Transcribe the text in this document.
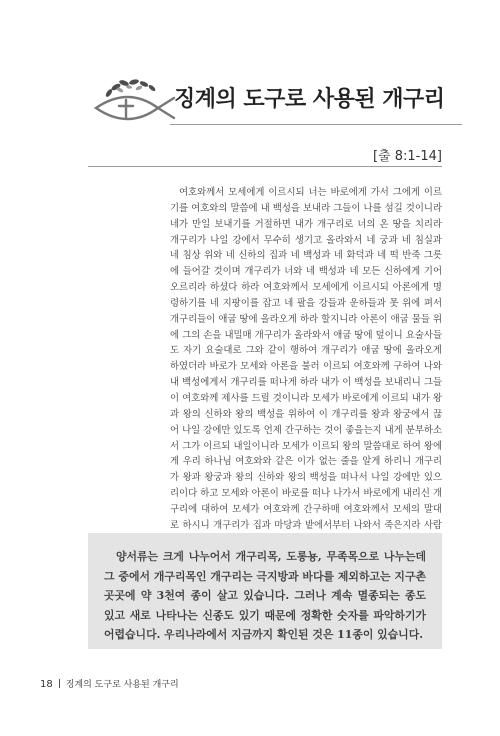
징계의 도구로 사용된 개구리
[출 8:1-14]

여호와께서 모세에게 이르시되 너는 바로에게 가서 그에게 이르기를 여호와의 말씀에 내 백성을 보내라 그들이 나를 섬길 것이니라 네가 만일 보내기를 거절하면 내가 개구리로 너의 온 땅을 치리라 개구리가 나일 강에서 무수히 생기고 올라와서 네 궁과 네 침실과 네 침상 위와 네 신하의 집과 네 백성과 네 화덕과 네 떡 반죽 그릇에 들어갈 것이며 개구리가 너와 네 백성과 네 모든 신하에게 기어오르리라 하셨다 하라 여호와께서 모세에게 이르시되 아론에게 명령하기를 네 지팡이를 잡고 네 팔을 강들과 운하들과 못 위에 펴서 개구리들이 애굽 땅에 올라오게 하라 할지니라 아론이 애굽 물들 위에 그의 손을 내밀매 개구리가 올라와서 애굽 땅에 덮이니 요술사들도 자기 요술대로 그와 같이 행하여 개구리가 애굽 땅에 올라오게 하였더라 바로가 모세와 아론을 불러 이르되 여호와께 구하여 나와 내 백성에게서 개구리를 떠나게 하라 내가 이 백성을 보내리니 그들이 여호와께 제사를 드릴 것이니라 모세가 바로에게 이르되 내가 왕과 왕의 신하와 왕의 백성을 위하여 이 개구리를 왕과 왕궁에서 끊어 나일 강에만 있도록 언제 간구하는 것이 좋을는지 내게 분부하소서 그가 이르되 내일이니라 모세가 이르되 왕의 말씀대로 하여 왕에게 우리 하나님 여호와와 같은 이가 없는 줄을 알게 하리니 개구리가 왕과 왕궁과 왕의 신하와 왕의 백성을 떠나서 나일 강에만 있으리이다 하고 모세와 아론이 바로를 떠나 나가서 바로에게 내리신 개구리에 대하여 모세가 여호와께 간구하매 여호와께서 모세의 말대로 하시니 개구리가 집과 마당과 밭에서부터 나와서 죽은지라 사람

양서류는 크게 나누어서 개구리목, 도롱뇽, 무족목으로 나누는데 그 중에서 개구리목인 개구리는 극지방과 바다를 제외하고는 지구촌 곳곳에 약 3천여 종이 살고 있습니다. 그러나 계속 멸종되는 종도 있고 새로 나타나는 신종도 있기 때문에 정확한 숫자를 파악하기가 어렵습니다. 우리나라에서 지금까지 확인된 것은 11종이 있습니다.

18 징계의 도구로 사용된 개구리
